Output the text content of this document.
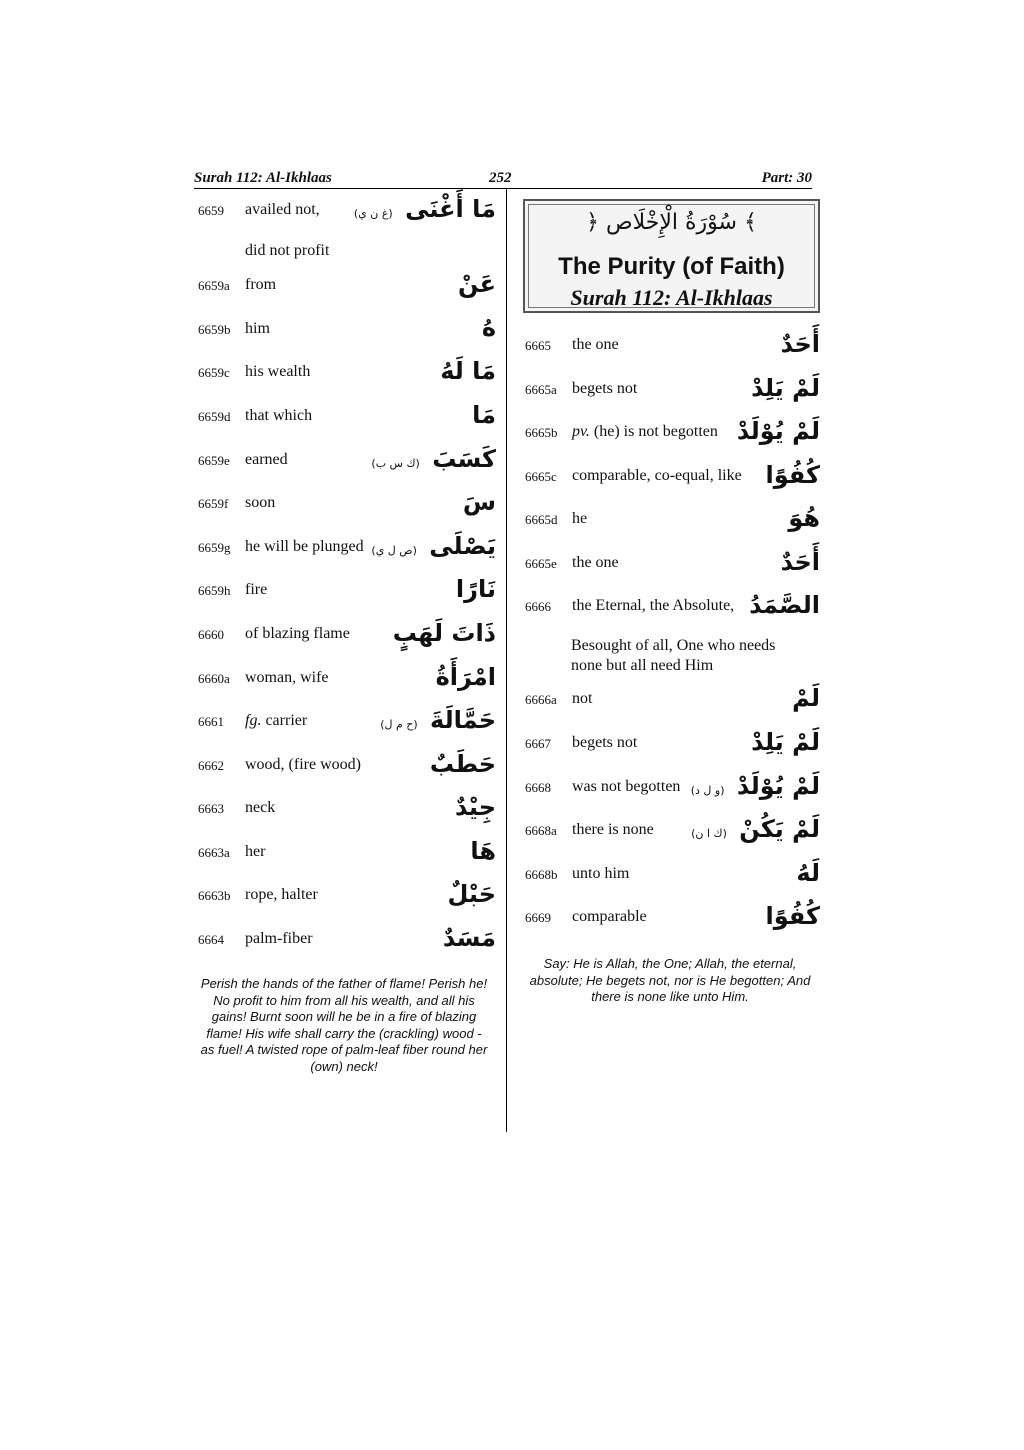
Surah 112: Al-Ikhlaas	252	Part: 30
6659 availed not,	مَا أَغْنَى (غ ن ي)
did not profit
6659a from	عَنْ
6659b him	هُ
6659c his wealth	مَا لَهُ
6659d that which	مَا
6659e earned	كَسَبَ (ك س ب)
6659f soon	سَ
6659g he will be plunged	يَصْلَى (ص ل ي)
6659h fire	نَارًا
6660 of blazing flame ذَاتَ لَهَبٍ
6660a woman, wife	امْرَأَةُ
6661 fg. carrier	حَمَّالَةَ (ح م ل)
6662 wood, (fire wood)	حَطَبٌ
6663 neck	جِيْدٌ
6663a her	هَا
6663b rope, halter	حَبْلٌ
6664 palm-fiber	مَسَدٌ
Perish the hands of the father of flame! Perish he! No profit to him from all his wealth, and all his gains! Burnt soon will he be in a fire of blazing flame! His wife shall carry the (crackling) wood - as fuel! A twisted rope of palm-leaf fiber round her (own) neck!
﴾ سُوْرَةُ الْإِخْلَاص ﴿
The Purity (of Faith)
Surah 112: Al-Ikhlaas
6665 the one	أَحَدٌ
6665a begets not	لَمْ يَلِدْ
6665b pv. (he) is not begotten لَمْ يُوْلَدْ
6665c comparable, co-equal, like كُفُوًا
6665d he	هُوَ
6665e the one	أَحَدٌ
6666 the Eternal, the Absolute, الصَّمَدُ
Besought of all, One who needs
none but all need Him
6666a not	لَمْ
6667 begets not	لَمْ يَلِدْ
6668 was not begotten	لَمْ يُوْلَدْ (و ل د)
6668a there is none	لَمْ يَكُنْ (ك ا ن)
6668b unto him	لَهُ
6669 comparable	كُفُوًا
Say: He is Allah, the One; Allah, the eternal, absolute; He begets not, nor is He begotten; And there is none like unto Him.
